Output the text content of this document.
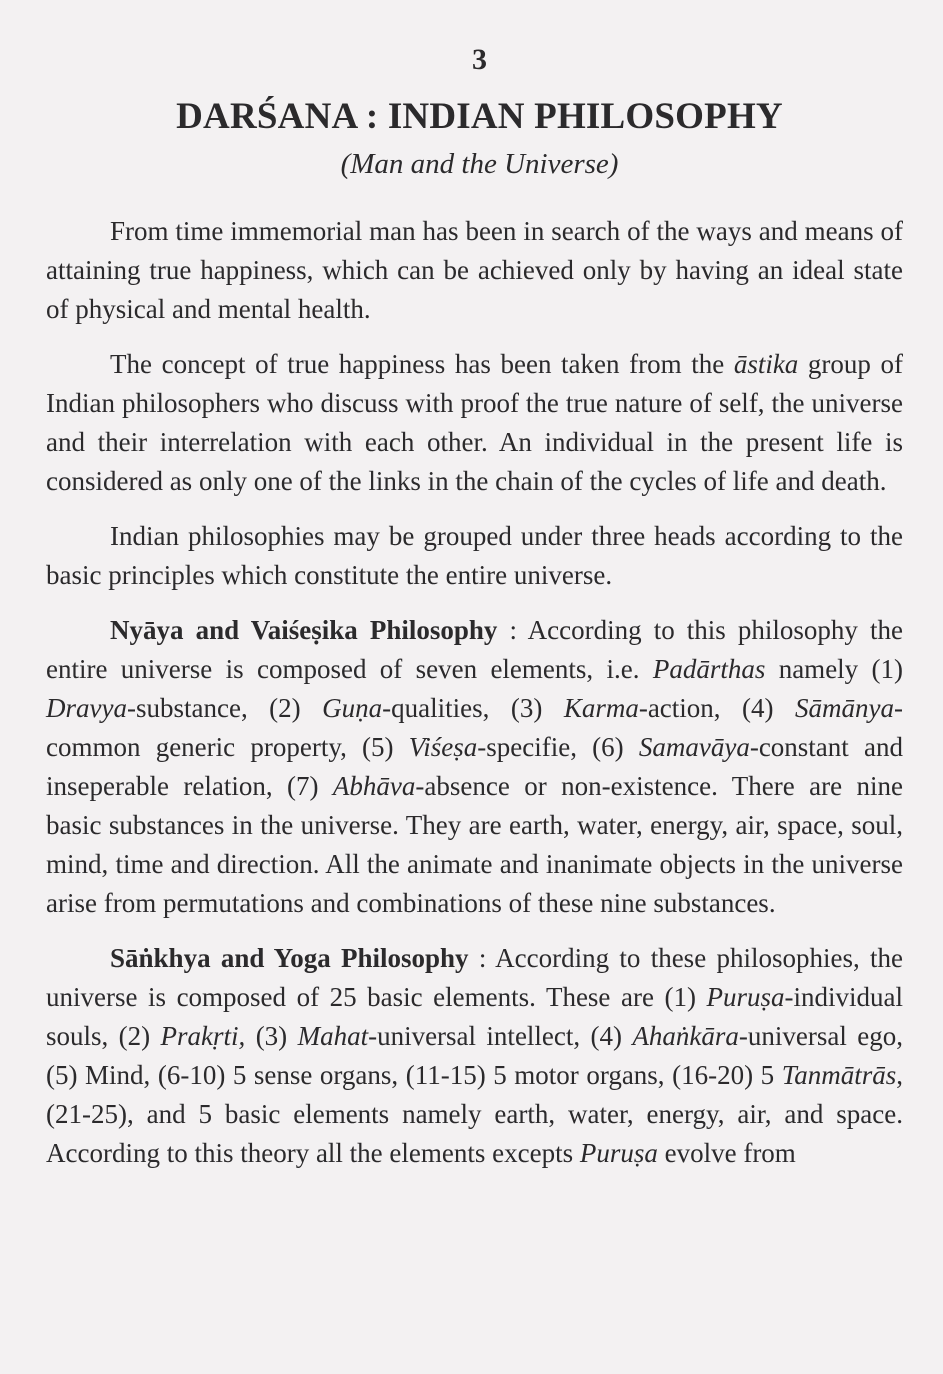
3
DARŚANA : INDIAN PHILOSOPHY
(Man and the Universe)

From time immemorial man has been in search of the ways and means of attaining true happiness, which can be achieved only by having an ideal state of physical and mental health.

The concept of true happiness has been taken from the āstika group of Indian philosophers who discuss with proof the true nature of self, the universe and their interrelation with each other. An individual in the present life is considered as only one of the links in the chain of the cycles of life and death.

Indian philosophies may be grouped under three heads according to the basic principles which constitute the entire universe.

Nyāya and Vaiśeṣika Philosophy : According to this philosophy the entire universe is composed of seven elements, i.e. Padārthas namely (1) Dravya-substance, (2) Guṇa-qualities, (3) Karma-action, (4) Sāmānya-common generic property, (5) Viśeṣa-specifie, (6) Samavāya-constant and inseperable relation, (7) Abhāva-absence or non-existence. There are nine basic substances in the universe. They are earth, water, energy, air, space, soul, mind, time and direction. All the animate and inanimate objects in the universe arise from permutations and combinations of these nine substances.

Sāṅkhya and Yoga Philosophy : According to these philosophies, the universe is composed of 25 basic elements. These are (1) Puruṣa-individual souls, (2) Prakṛti, (3) Mahat-universal intellect, (4) Ahaṅkāra-universal ego, (5) Mind, (6-10) 5 sense organs, (11-15) 5 motor organs, (16-20) 5 Tanmātrās, (21-25), and 5 basic elements namely earth, water, energy, air, and space. According to this theory all the elements excepts Puruṣa evolve from
